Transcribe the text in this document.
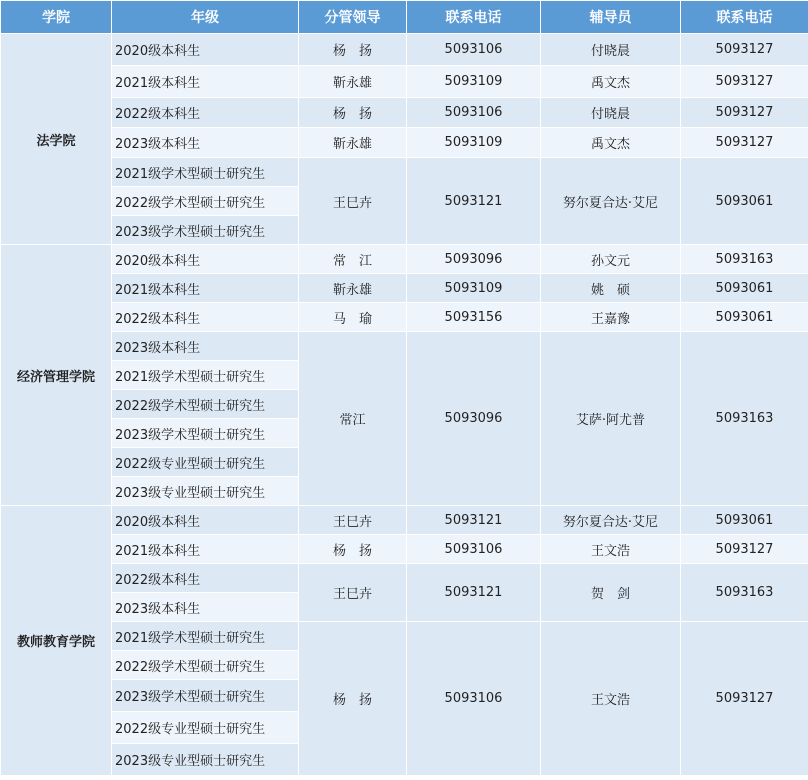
学院	年级	分管领导	联系电话	辅导员	联系电话
法学院	2020级本科生	杨　扬	5093106	付晓晨	5093127
	2021级本科生	靳永雄	5093109	禹文杰	5093127
	2022级本科生	杨　扬	5093106	付晓晨	5093127
	2023级本科生	靳永雄	5093109	禹文杰	5093127
	2021级学术型硕士研究生	王巳卉	5093121	努尔夏合达·艾尼	5093061
	2022级学术型硕士研究生				
	2023级学术型硕士研究生				
经济管理学院	2020级本科生	常　江	5093096	孙文元	5093163
	2021级本科生	靳永雄	5093109	姚　硕	5093061
	2022级本科生	马　瑜	5093156	王嘉豫	5093061
	2023级本科生	常江	5093096	艾萨·阿尤普	5093163
	2021级学术型硕士研究生				
	2022级学术型硕士研究生				
	2023级学术型硕士研究生				
	2022级专业型硕士研究生				
	2023级专业型硕士研究生				
教师教育学院	2020级本科生	王巳卉	5093121	努尔夏合达·艾尼	5093061
	2021级本科生	杨　扬	5093106	王文浩	5093127
	2022级本科生	王巳卉	5093121	贺　剑	5093163
	2023级本科生				
	2021级学术型硕士研究生	杨　扬	5093106	王文浩	5093127
	2022级学术型硕士研究生				
	2023级学术型硕士研究生				
	2022级专业型硕士研究生				
	2023级专业型硕士研究生				
